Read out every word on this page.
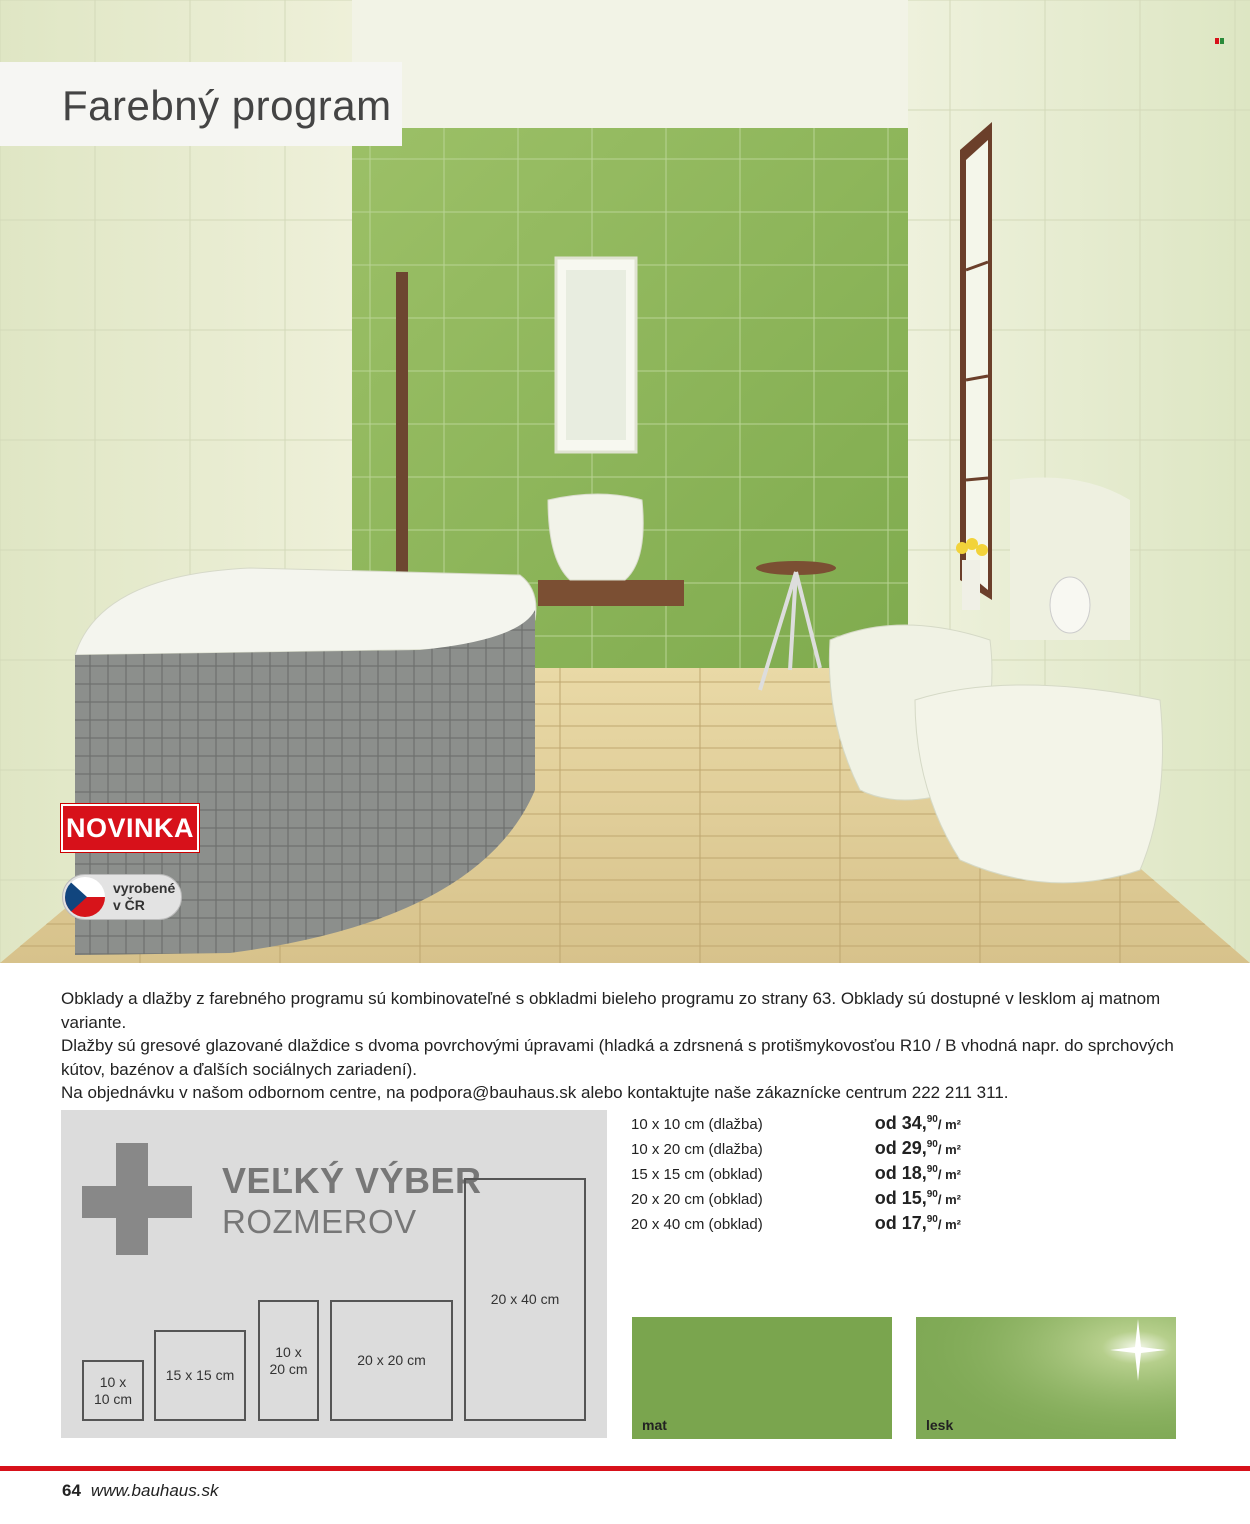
Farebný program
NOVINKA
vyrobené
v ČR

Obklady a dlažby z farebného programu sú kombinovateľné s obkladmi bieleho programu zo strany 63. Obklady sú dostupné v lesklom aj matnom variante.

Dlažby sú gresové glazované dlaždice s dvoma povrchovými úpravami (hladká a zdrsnená s protišmykovosťou R10 / B vhodná napr. do sprchových kútov, bazénov a ďalších sociálnych zariadení).

Na objednávku v našom odbornom centre, na podpora@bauhaus.sk alebo kontaktujte naše zákaznícke centrum 222 211 311.

VEĽKÝ VÝBER
ROZMEROV
10 x
10 cm
15 x 15 cm
10 x
20 cm
20 x 20 cm
20 x 40 cm
10 x 10 cm (dlažba)	od 34,90/ m²
10 x 20 cm (dlažba)	od 29,90/ m²
15 x 15 cm (obklad)	od 18,90/ m²
20 x 20 cm (obklad)	od 15,90/ m²
20 x 40 cm (obklad)	od 17,90/ m²
mat	lesk
64 www.bauhaus.sk
